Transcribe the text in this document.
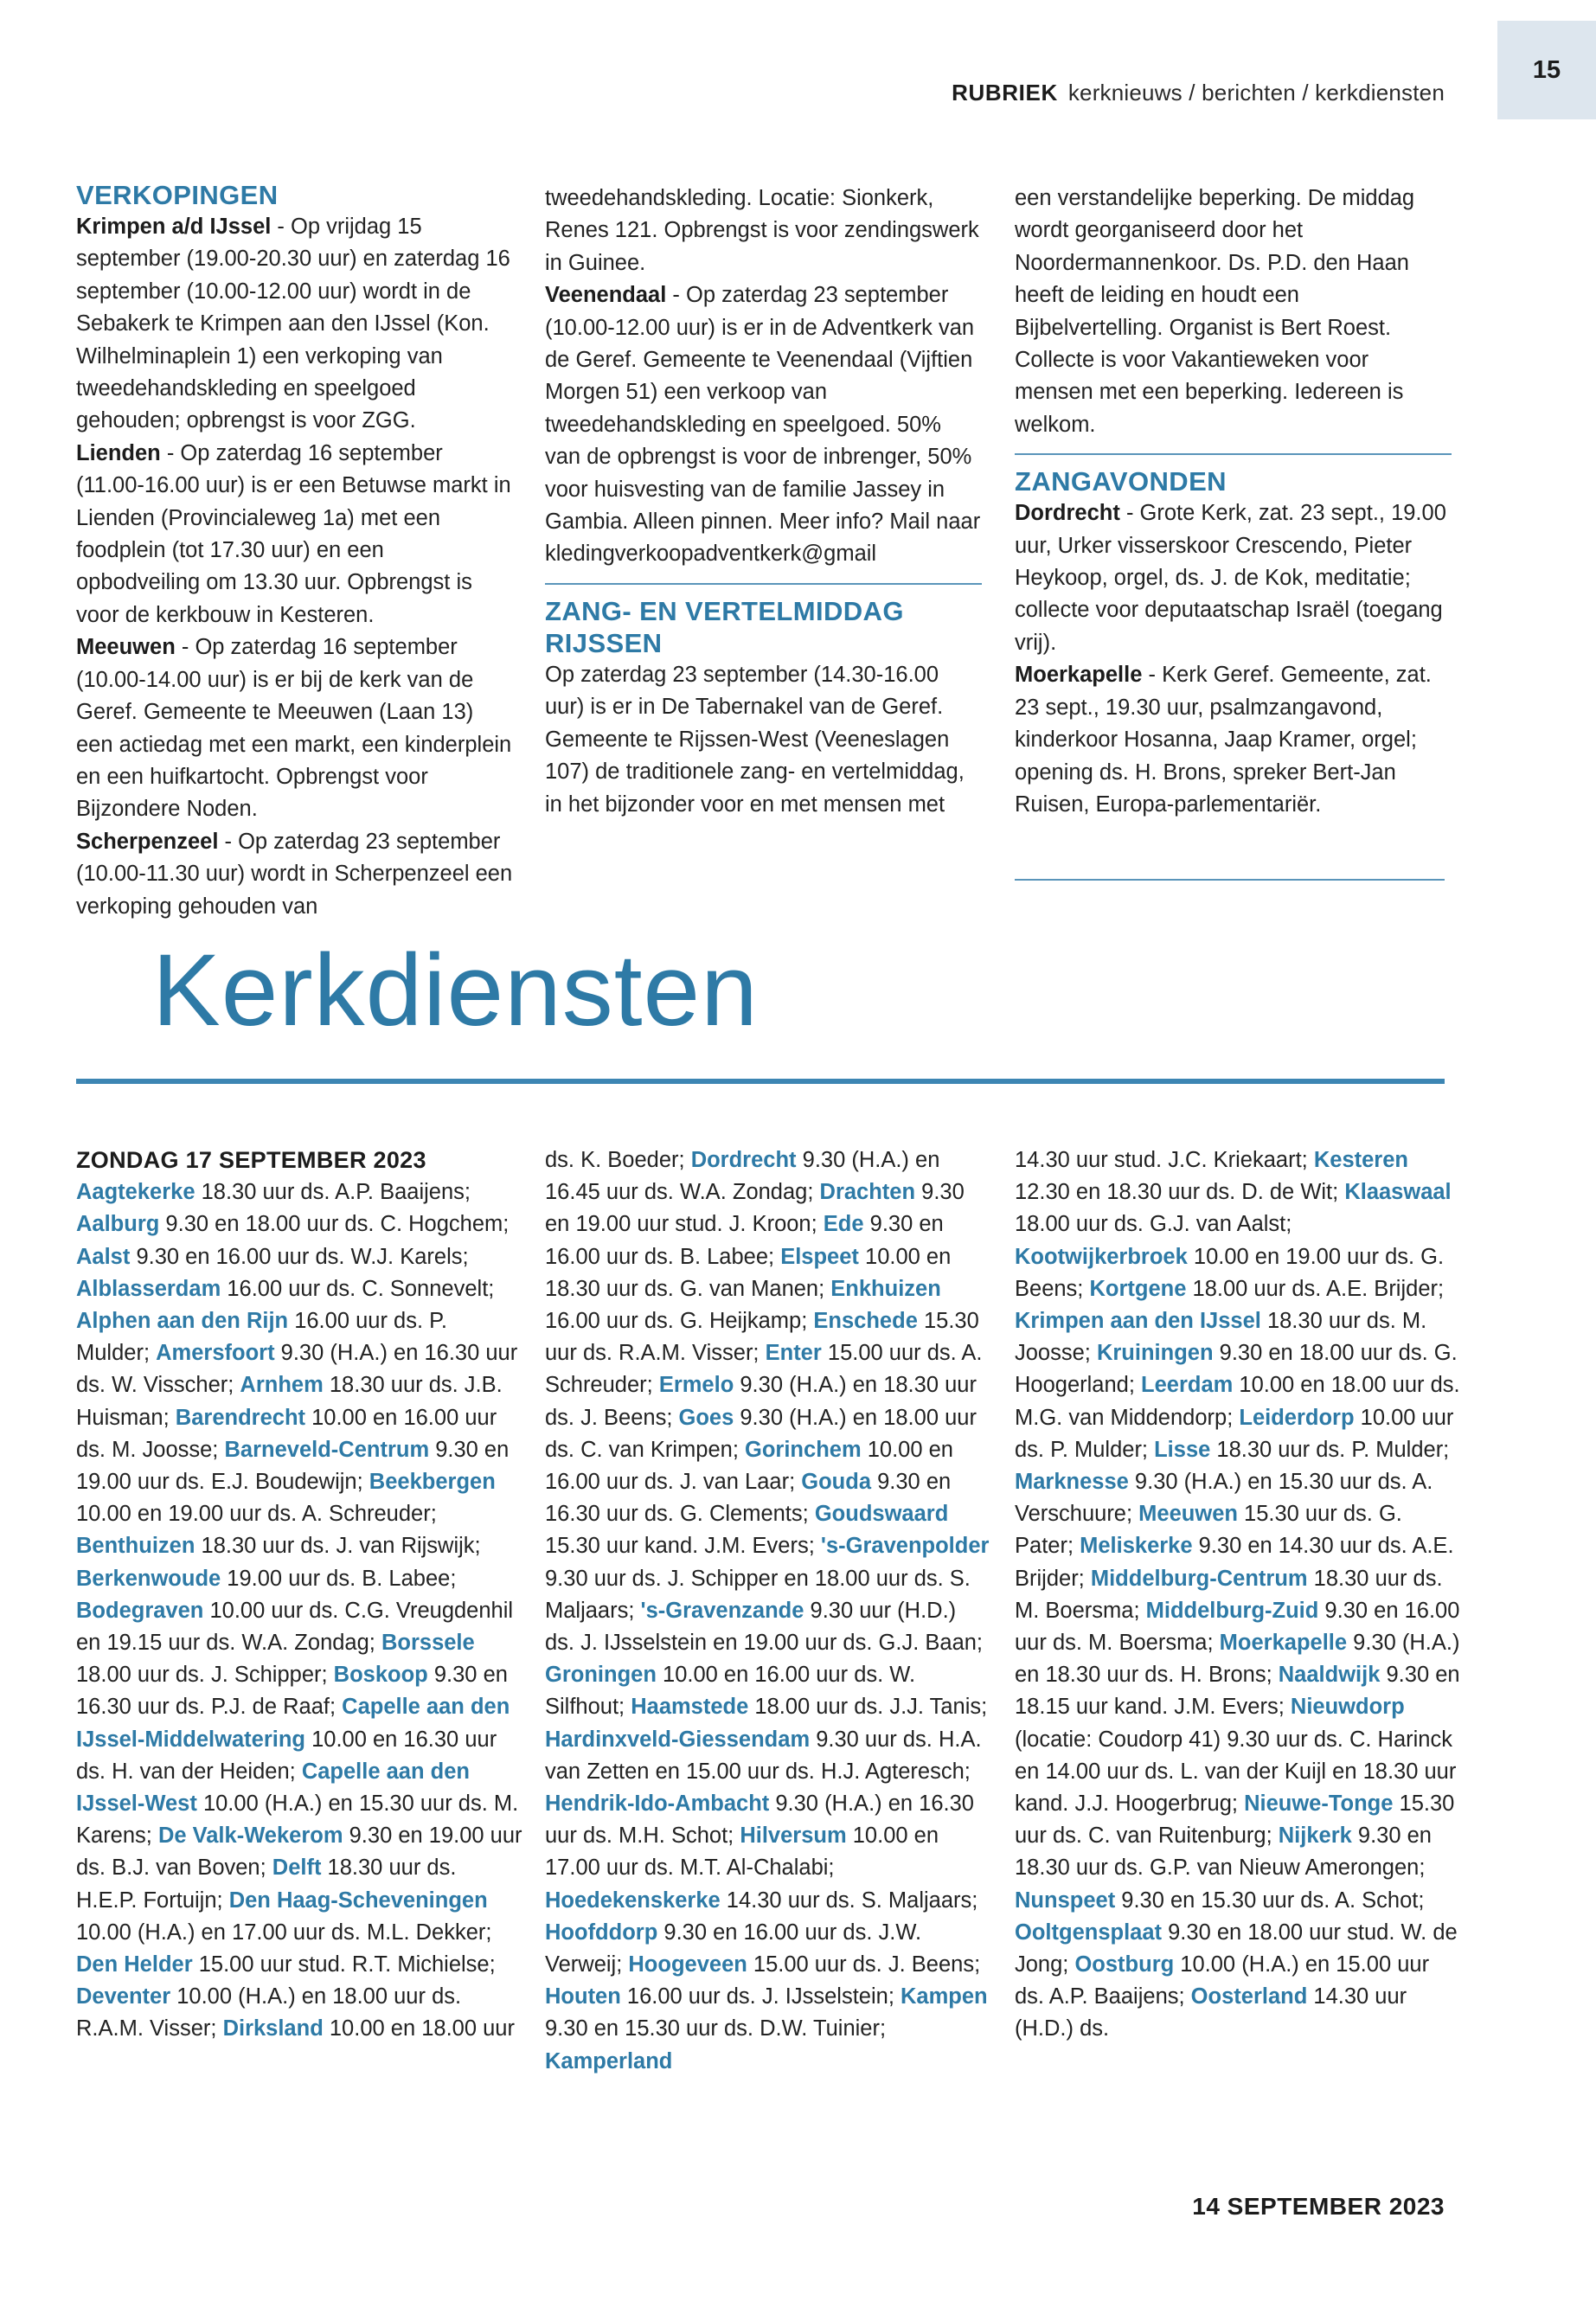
15
RUBRIEK kerknieuws / berichten / kerkdiensten
VERKOPINGEN

Krimpen a/d IJssel - Op vrijdag 15 september (19.00-20.30 uur) en zaterdag 16 september (10.00-12.00 uur) wordt in de Sebakerk te Krimpen aan den IJssel (Kon. Wilhelminaplein 1) een verkoping van tweedehandskleding en speelgoed gehouden; opbrengst is voor ZGG.

Lienden - Op zaterdag 16 september (11.00-16.00 uur) is er een Betuwse markt in Lienden (Provincialeweg 1a) met een foodplein (tot 17.30 uur) en een opbodveiling om 13.30 uur. Opbrengst is voor de kerkbouw in Kesteren.

Meeuwen - Op zaterdag 16 september (10.00-14.00 uur) is er bij de kerk van de Geref. Gemeente te Meeuwen (Laan 13) een actiedag met een markt, een kinderplein en een huifkartocht. Opbrengst voor Bijzondere Noden.

Scherpenzeel - Op zaterdag 23 september (10.00-11.30 uur) wordt in Scherpenzeel een verkoping gehouden van

tweedehandskleding. Locatie: Sionkerk, Renes 121. Opbrengst is voor zendingswerk in Guinee.

Veenendaal - Op zaterdag 23 september (10.00-12.00 uur) is er in de Adventkerk van de Geref. Gemeente te Veenendaal (Vijftien Morgen 51) een verkoop van tweedehandskleding en speelgoed. 50% van de opbrengst is voor de inbrenger, 50% voor huisvesting van de familie Jassey in Gambia. Alleen pinnen. Meer info? Mail naar kledingverkoopadventkerk@gmail

ZANG- EN VERTELMIDDAG RIJSSEN

Op zaterdag 23 september (14.30-16.00 uur) is er in De Tabernakel van de Geref. Gemeente te Rijssen-West (Veeneslagen 107) de traditionele zang- en vertelmiddag, in het bijzonder voor en met mensen met

een verstandelijke beperking. De middag wordt georganiseerd door het Noordermannenkoor. Ds. P.D. den Haan heeft de leiding en houdt een Bijbelvertelling. Organist is Bert Roest. Collecte is voor Vakantieweken voor mensen met een beperking. Iedereen is welkom.

ZANGAVONDEN

Dordrecht - Grote Kerk, zat. 23 sept., 19.00 uur, Urker visserskoor Crescendo, Pieter Heykoop, orgel, ds. J. de Kok, meditatie; collecte voor deputaatschap Israël (toegang vrij).

Moerkapelle - Kerk Geref. Gemeente, zat. 23 sept., 19.30 uur, psalmzangavond, kinderkoor Hosanna, Jaap Kramer, orgel; opening ds. H. Brons, spreker Bert-Jan Ruisen, Europa-parlementariër.

Kerkdiensten
ZONDAG 17 SEPTEMBER 2023
Aagtekerke 18.30 uur ds. A.P. Baaijens; Aalburg 9.30 en 18.00 uur ds. C. Hogchem; Aalst 9.30 en 16.00 uur ds. W.J. Karels; Alblasserdam 16.00 uur ds. C. Sonnevelt; Alphen aan den Rijn 16.00 uur ds. P. Mulder; Amersfoort 9.30 (H.A.) en 16.30 uur ds. W. Visscher; Arnhem 18.30 uur ds. J.B. Huisman; Barendrecht 10.00 en 16.00 uur ds. M. Joosse; Barneveld-Centrum 9.30 en 19.00 uur ds. E.J. Boudewijn; Beekbergen 10.00 en 19.00 uur ds. A. Schreuder; Benthuizen 18.30 uur ds. J. van Rijswijk; Berkenwoude 19.00 uur ds. B. Labee; Bodegraven 10.00 uur ds. C.G. Vreugdenhil en 19.15 uur ds. W.A. Zondag; Borssele 18.00 uur ds. J. Schipper; Boskoop 9.30 en 16.30 uur ds. P.J. de Raaf; Capelle aan den IJssel-Middelwatering 10.00 en 16.30 uur ds. H. van der Heiden; Capelle aan den IJssel-West 10.00 (H.A.) en 15.30 uur ds. M. Karens; De Valk-Wekerom 9.30 en 19.00 uur ds. B.J. van Boven; Delft 18.30 uur ds. H.E.P. Fortuijn; Den Haag-Scheveningen 10.00 (H.A.) en 17.00 uur ds. M.L. Dekker; Den Helder 15.00 uur stud. R.T. Michielse; Deventer 10.00 (H.A.) en 18.00 uur ds. R.A.M. Visser; Dirksland 10.00 en 18.00 uur
ds. K. Boeder; Dordrecht 9.30 (H.A.) en 16.45 uur ds. W.A. Zondag; Drachten 9.30 en 19.00 uur stud. J. Kroon; Ede 9.30 en 16.00 uur ds. B. Labee; Elspeet 10.00 en 18.30 uur ds. G. van Manen; Enkhuizen 16.00 uur ds. G. Heijkamp; Enschede 15.30 uur ds. R.A.M. Visser; Enter 15.00 uur ds. A. Schreuder; Ermelo 9.30 (H.A.) en 18.30 uur ds. J. Beens; Goes 9.30 (H.A.) en 18.00 uur ds. C. van Krimpen; Gorinchem 10.00 en 16.00 uur ds. J. van Laar; Gouda 9.30 en 16.30 uur ds. G. Clements; Goudswaard 15.30 uur kand. J.M. Evers; 's-Gravenpolder 9.30 uur ds. J. Schipper en 18.00 uur ds. S. Maljaars; 's-Gravenzande 9.30 uur (H.D.) ds. J. IJsselstein en 19.00 uur ds. G.J. Baan; Groningen 10.00 en 16.00 uur ds. W. Silfhout; Haamstede 18.00 uur ds. J.J. Tanis; Hardinxveld-Giessendam 9.30 uur ds. H.A. van Zetten en 15.00 uur ds. H.J. Agteresch; Hendrik-Ido-Ambacht 9.30 (H.A.) en 16.30 uur ds. M.H. Schot; Hilversum 10.00 en 17.00 uur ds. M.T. Al-Chalabi; Hoedekenskerke 14.30 uur ds. S. Maljaars; Hoofddorp 9.30 en 16.00 uur ds. J.W. Verweij; Hoogeveen 15.00 uur ds. J. Beens; Houten 16.00 uur ds. J. IJsselstein; Kampen 9.30 en 15.30 uur ds. D.W. Tuinier; Kamperland
14.30 uur stud. J.C. Kriekaart; Kesteren 12.30 en 18.30 uur ds. D. de Wit; Klaaswaal 18.00 uur ds. G.J. van Aalst; Kootwijkerbroek 10.00 en 19.00 uur ds. G. Beens; Kortgene 18.00 uur ds. A.E. Brijder; Krimpen aan den IJssel 18.30 uur ds. M. Joosse; Kruiningen 9.30 en 18.00 uur ds. G. Hoogerland; Leerdam 10.00 en 18.00 uur ds. M.G. van Middendorp; Leiderdorp 10.00 uur ds. P. Mulder; Lisse 18.30 uur ds. P. Mulder; Marknesse 9.30 (H.A.) en 15.30 uur ds. A. Verschuure; Meeuwen 15.30 uur ds. G. Pater; Meliskerke 9.30 en 14.30 uur ds. A.E. Brijder; Middelburg-Centrum 18.30 uur ds. M. Boersma; Middelburg-Zuid 9.30 en 16.00 uur ds. M. Boersma; Moerkapelle 9.30 (H.A.) en 18.30 uur ds. H. Brons; Naaldwijk 9.30 en 18.15 uur kand. J.M. Evers; Nieuwdorp (locatie: Coudorp 41) 9.30 uur ds. C. Harinck en 14.00 uur ds. L. van der Kuijl en 18.30 uur kand. J.J. Hoogerbrug; Nieuwe-Tonge 15.30 uur ds. C. van Ruitenburg; Nijkerk 9.30 en 18.30 uur ds. G.P. van Nieuw Amerongen; Nunspeet 9.30 en 15.30 uur ds. A. Schot; Ooltgensplaat 9.30 en 18.00 uur stud. W. de Jong; Oostburg 10.00 (H.A.) en 15.00 uur ds. A.P. Baaijens; Oosterland 14.30 uur (H.D.) ds.
14 SEPTEMBER 2023
